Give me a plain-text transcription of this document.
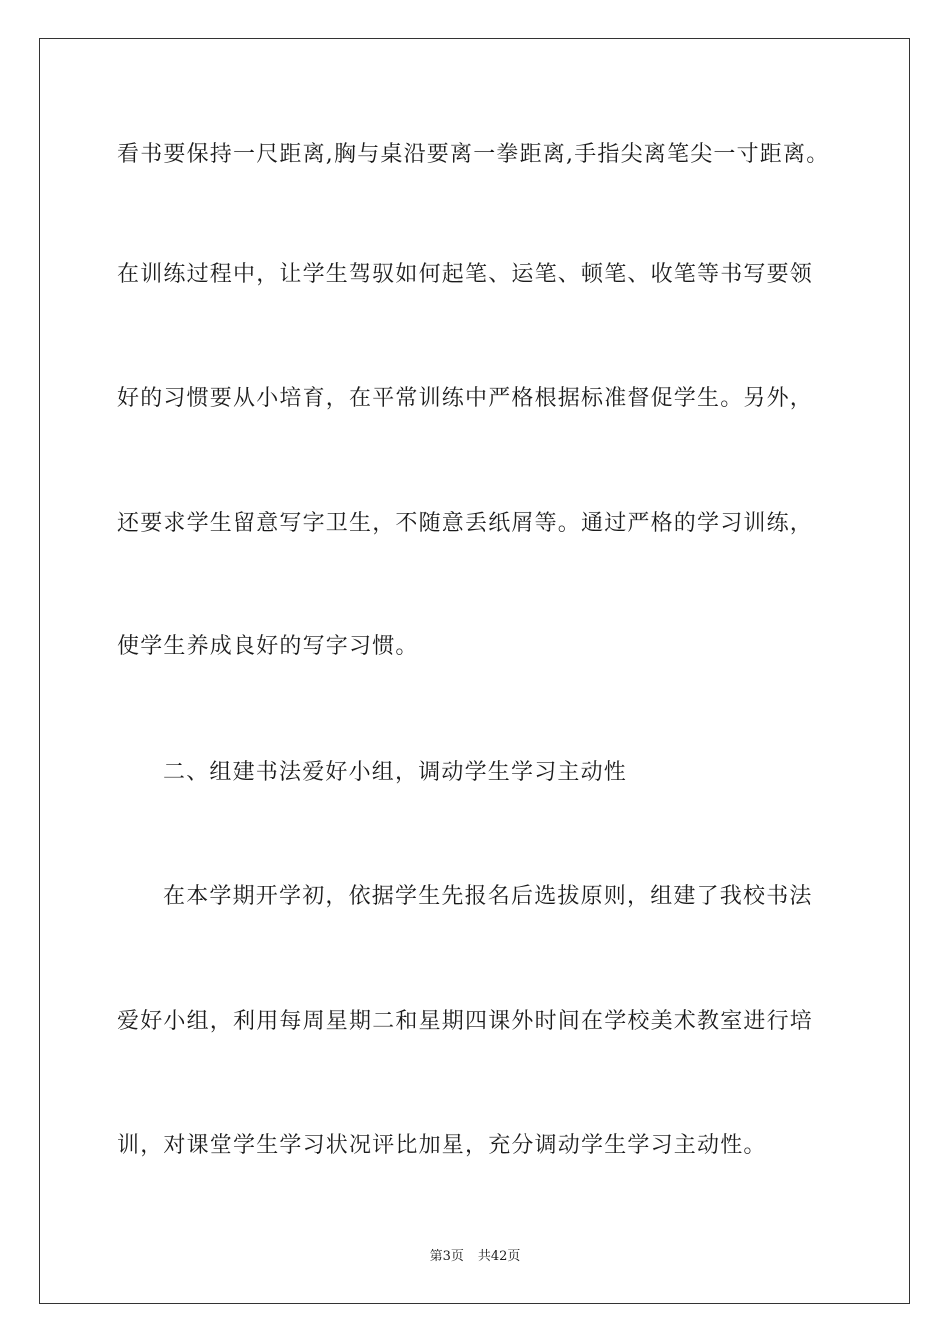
看书要保持一尺距离,胸与桌沿要离一拳距离,手指尖离笔尖一寸距离。
在训练过程中，让学生驾驭如何起笔、运笔、顿笔、收笔等书写要领
好的习惯要从小培育，在平常训练中严格根据标准督促学生。另外，
还要求学生留意写字卫生，不随意丢纸屑等。通过严格的学习训练，
使学生养成良好的写字习惯。
二、组建书法爱好小组，调动学生学习主动性
在本学期开学初，依据学生先报名后选拔原则，组建了我校书法
爱好小组，利用每周星期二和星期四课外时间在学校美术教室进行培
训，对课堂学生学习状况评比加星，充分调动学生学习主动性。
第3页 共42页
